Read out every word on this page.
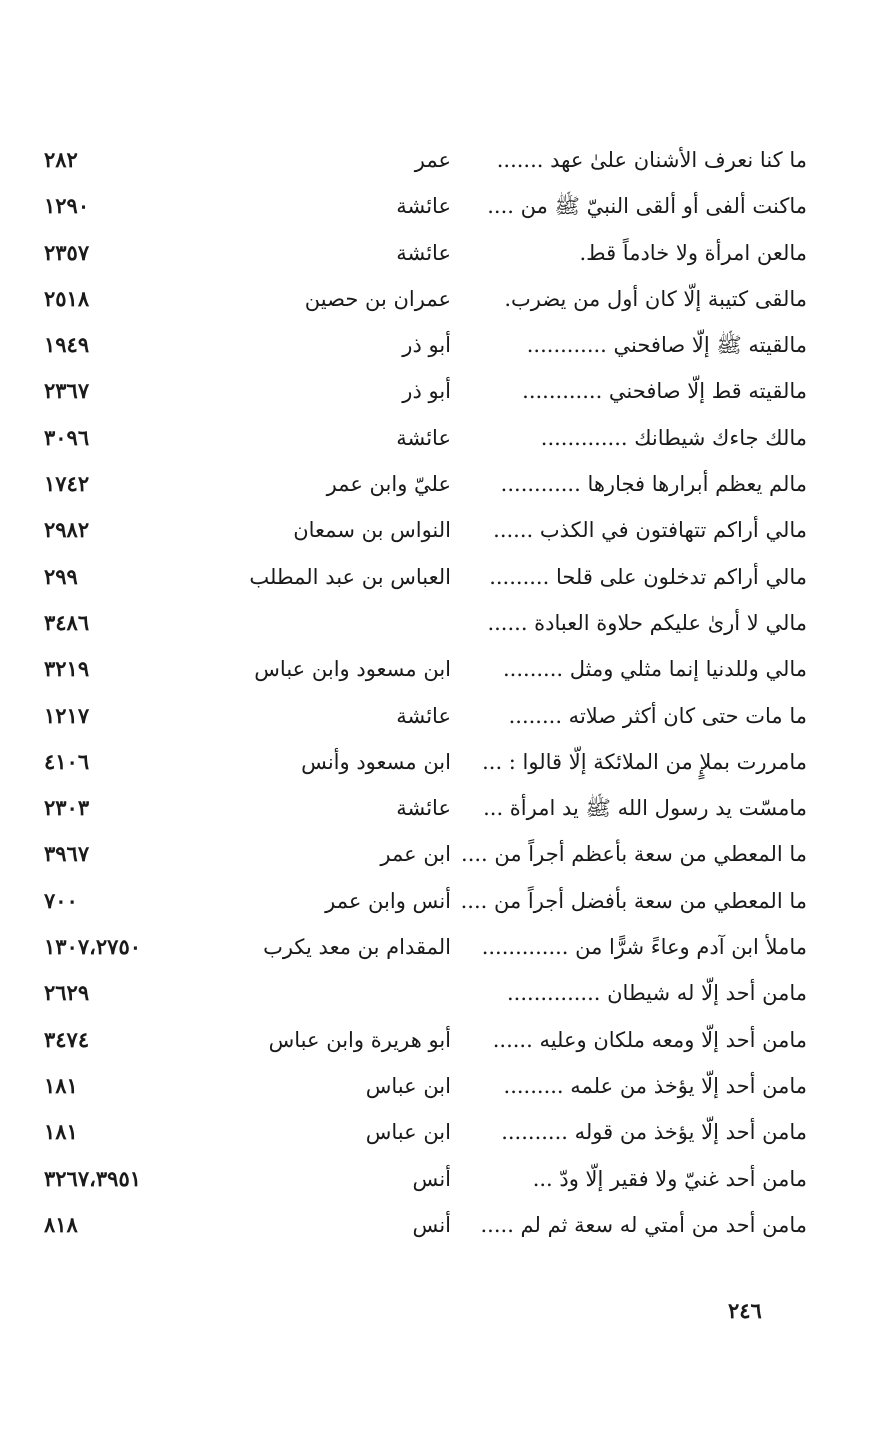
ما كنا نعرف الأشنان علىٰ عهد .......
عمر
٢٨٢
ماكنت ألفى أو ألقى النبيّ ﷺ من ....
عائشة
١٢٩٠
مالعن امرأة ولا خادماً قط.
عائشة
٢٣٥٧
مالقى كتيبة إلّا كان أول من يضرب.
عمران بن حصين
٢٥١٨
مالقيته ﷺ إلّا صافحني ............
أبو ذر
١٩٤٩
مالقيته قط إلّا صافحني ............
أبو ذر
٢٣٦٧
مالك جاءك شيطانك .............
عائشة
٣٠٩٦
مالم يعظم أبرارها فجارها ............
عليّ وابن عمر
١٧٤٢
مالي أراكم تتهافتون في الكذب ......
النواس بن سمعان
٢٩٨٢
مالي أراكم تدخلون على قلحا .........
العباس بن عبد المطلب
٢٩٩
مالي لا أرىٰ عليكم حلاوة العبادة ......
٣٤٨٦
مالي وللدنيا إنما مثلي ومثل .........
ابن مسعود وابن عباس
٣٢١٩
ما مات حتى كان أكثر صلاته ........
عائشة
١٢١٧
مامررت بملإٍ من الملائكة إلّا قالوا : ...
ابن مسعود وأنس
٤١٠٦
مامسّت يد رسول الله ﷺ يد امرأة ...
عائشة
٢٣٠٣
ما المعطي من سعة بأعظم أجراً من ....
ابن عمر
٣٩٦٧
ما المعطي من سعة بأفضل أجراً من ....
أنس وابن عمر
٧٠٠
ماملأ ابن آدم وعاءً شرًّا من .............
المقدام بن معد يكرب
١٣٠٧،٢٧٥٠
مامن أحد إلّا له شيطان ..............
٢٦٢٩
مامن أحد إلّا ومعه ملكان وعليه ......
أبو هريرة وابن عباس
٣٤٧٤
مامن أحد إلّا يؤخذ من علمه .........
ابن عباس
١٨١
مامن أحد إلّا يؤخذ من قوله ..........
ابن عباس
١٨١
مامن أحد غنيّ ولا فقير إلّا ودّ ...
أنس
٣٢٦٧،٣٩٥١
مامن أحد من أمتي له سعة ثم لم .....
أنس
٨١٨
٢٤٦
